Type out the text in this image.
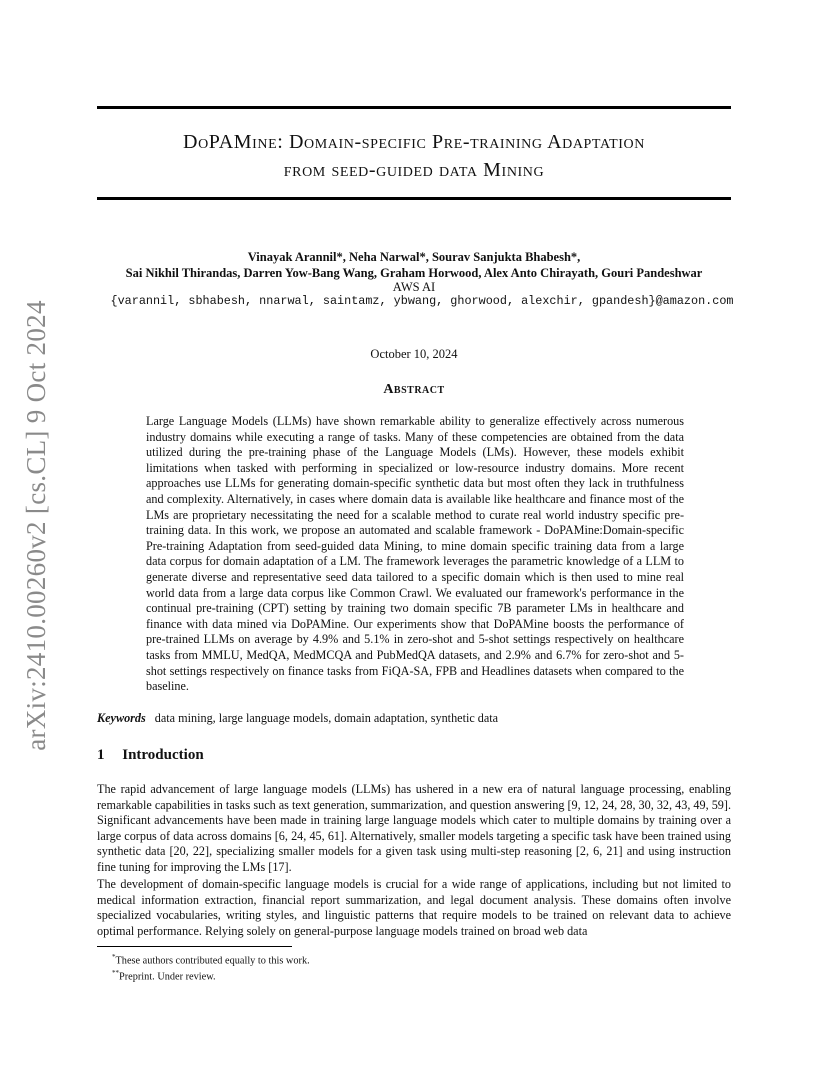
arXiv:2410.00260v2 [cs.CL] 9 Oct 2024
DoPAMine: Domain-specific Pre-training Adaptation
from seed-guided data Mining
Vinayak Arannil*, Neha Narwal*, Sourav Sanjukta Bhabesh*,
Sai Nikhil Thirandas, Darren Yow-Bang Wang, Graham Horwood, Alex Anto Chirayath, Gouri Pandeshwar
AWS AI
{varannil, sbhabesh, nnarwal, saintamz, ybwang, ghorwood, alexchir, gpandesh}@amazon.com
October 10, 2024
Abstract

Large Language Models (LLMs) have shown remarkable ability to generalize effectively across numerous industry domains while executing a range of tasks. Many of these competencies are obtained from the data utilized during the pre-training phase of the Language Models (LMs). However, these models exhibit limitations when tasked with performing in specialized or low-resource industry domains. More recent approaches use LLMs for generating domain-specific synthetic data but most often they lack in truthfulness and complexity. Alternatively, in cases where domain data is available like healthcare and finance most of the LMs are proprietary necessitating the need for a scalable method to curate real world industry specific pre-training data. In this work, we propose an automated and scalable framework - DoPAMine:Domain-specific Pre-training Adaptation from seed-guided data Mining, to mine domain specific training data from a large data corpus for domain adaptation of a LM. The framework leverages the parametric knowledge of a LLM to generate diverse and representative seed data tailored to a specific domain which is then used to mine real world data from a large data corpus like Common Crawl. We evaluated our framework's performance in the continual pre-training (CPT) setting by training two domain specific 7B parameter LMs in healthcare and finance with data mined via DoPAMine. Our experiments show that DoPAMine boosts the performance of pre-trained LLMs on average by 4.9% and 5.1% in zero-shot and 5-shot settings respectively on healthcare tasks from MMLU, MedQA, MedMCQA and PubMedQA datasets, and 2.9% and 6.7% for zero-shot and 5-shot settings respectively on finance tasks from FiQA-SA, FPB and Headlines datasets when compared to the baseline.

Keywords data mining, large language models, domain adaptation, synthetic data
1 Introduction

The rapid advancement of large language models (LLMs) has ushered in a new era of natural language processing, enabling remarkable capabilities in tasks such as text generation, summarization, and question answering [9, 12, 24, 28, 30, 32, 43, 49, 59]. Significant advancements have been made in training large language models which cater to multiple domains by training over a large corpus of data across domains [6, 24, 45, 61]. Alternatively, smaller models targeting a specific task have been trained using synthetic data [20, 22], specializing smaller models for a given task using multi-step reasoning [2, 6, 21] and using instruction fine tuning for improving the LMs [17].

The development of domain-specific language models is crucial for a wide range of applications, including but not limited to medical information extraction, financial report summarization, and legal document analysis. These domains often involve specialized vocabularies, writing styles, and linguistic patterns that require models to be trained on relevant data to achieve optimal performance. Relying solely on general-purpose language models trained on broad web data

*These authors contributed equally to this work.
**Preprint. Under review.
